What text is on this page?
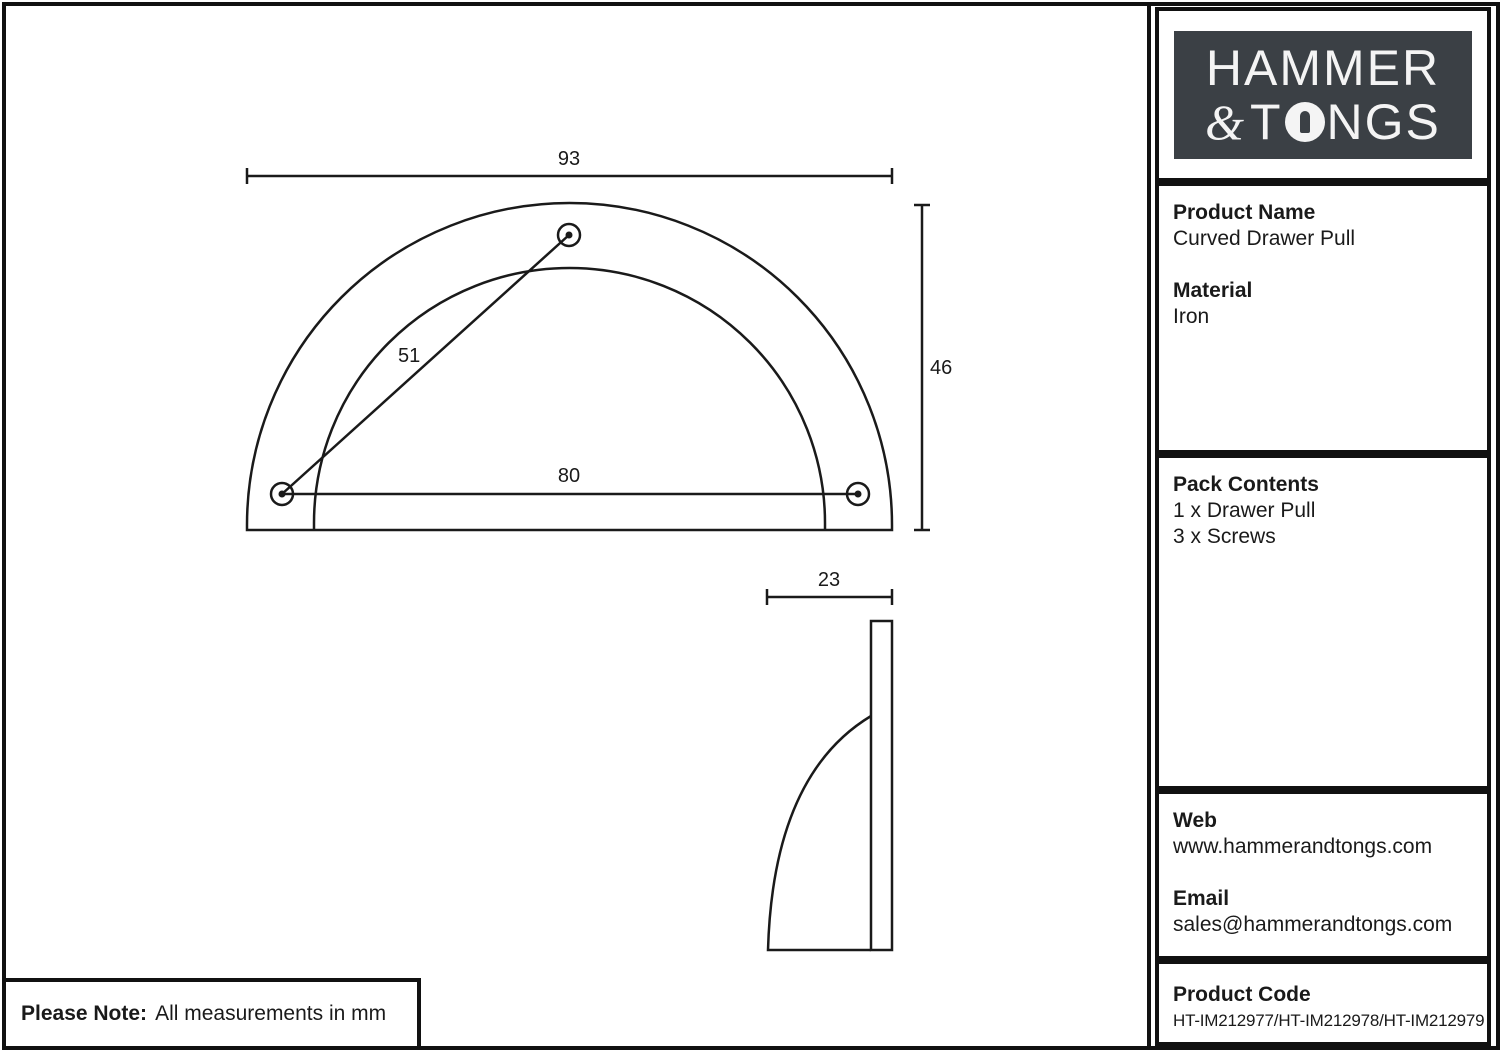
93
46
51
80
23
Please Note: All measurements in mm
HAMMER
& T NGS
Product Name
Curved Drawer Pull
Material
Iron
Pack Contents
1 x Drawer Pull
3 x Screws
Web
www.hammerandtongs.com
Email
sales@hammerandtongs.com
Product Code
HT-IM212977/HT-IM212978/HT-IM212979
